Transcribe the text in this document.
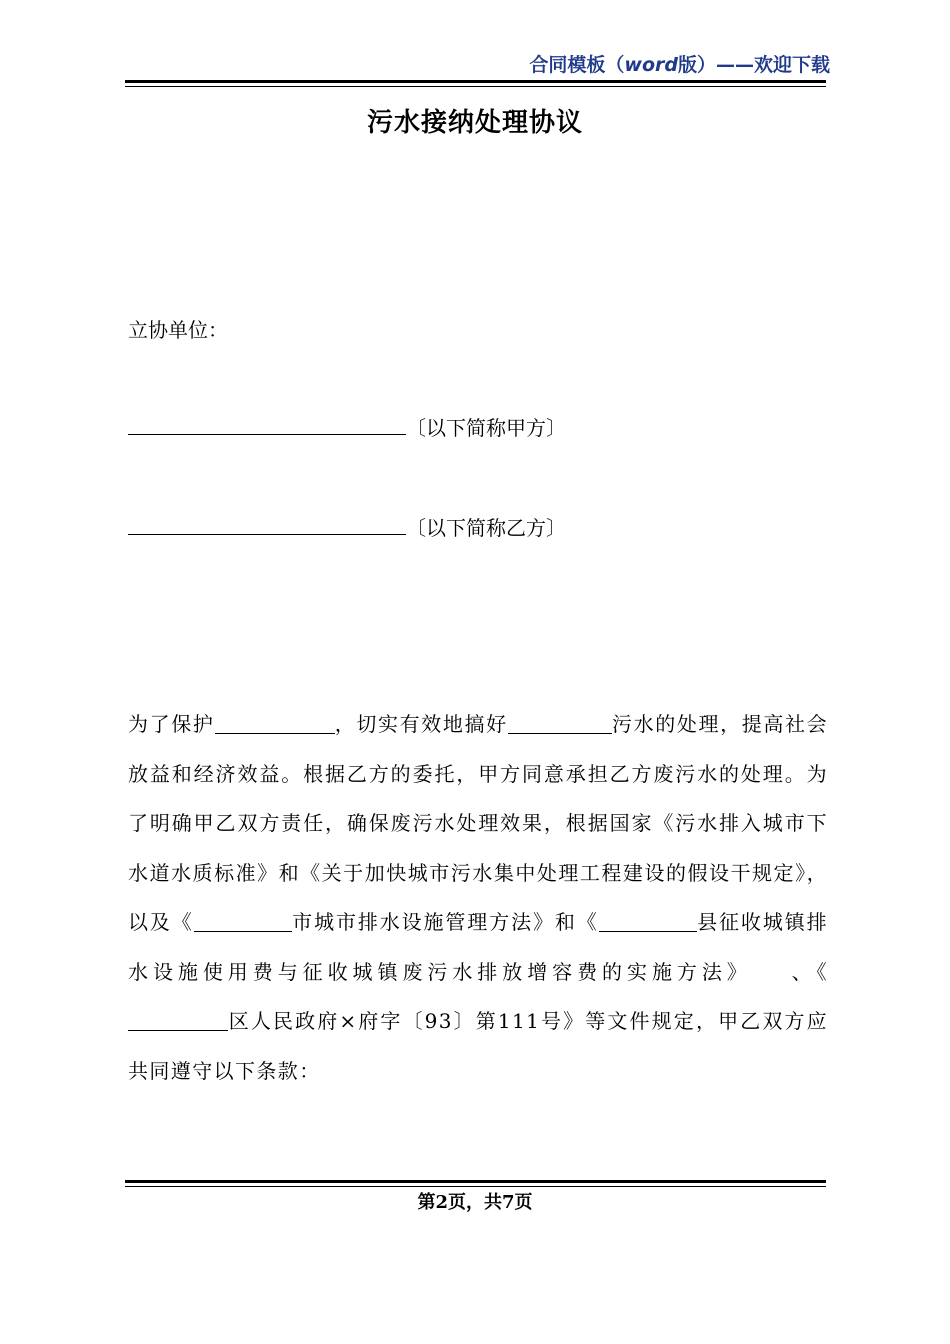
合同模板（word版）——欢迎下载
污水接纳处理协议
立协单位：
〔以下简称甲方〕
〔以下简称乙方〕
为了保护	，切实有效地搞好	污水的处理，提高社会放益和经济效益。根据乙方的委托，甲方同意承担乙方废污水的处理。为了明确甲乙双方责任，确保废污水处理效果，根据国家《污水排入城市下水道水质标准》和《关于加快城市污水集中处理工程建设的假设干规定》，以及《	市城市排水设施管理方法》和《	县征收城镇排水设施使用费与征收城镇废污水排放增容费的实施方法》　　、《区人民政府×府字〔93〕第111号》等文件规定，甲乙双方应共同遵守以下条款：
第2页，共7页
